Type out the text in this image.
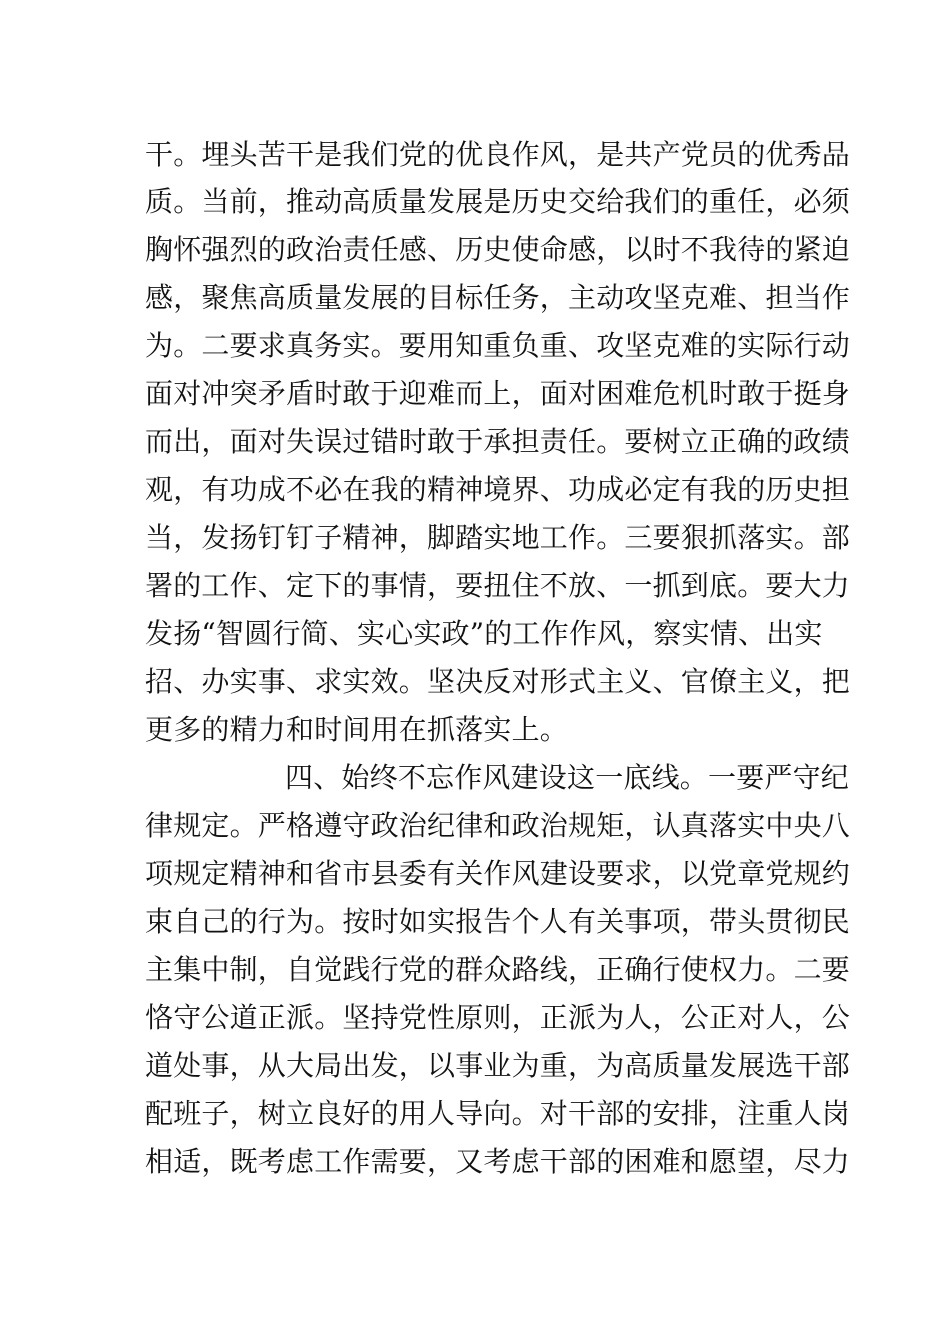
干。埋头苦干是我们党的优良作风，是共产党员的优秀品
质。当前，推动高质量发展是历史交给我们的重任，必须
胸怀强烈的政治责任感、历史使命感，以时不我待的紧迫
感，聚焦高质量发展的目标任务，主动攻坚克难、担当作
为。二要求真务实。要用知重负重、攻坚克难的实际行动
面对冲突矛盾时敢于迎难而上，面对困难危机时敢于挺身
而出，面对失误过错时敢于承担责任。要树立正确的政绩
观，有功成不必在我的精神境界、功成必定有我的历史担
当，发扬钉钉子精神，脚踏实地工作。三要狠抓落实。部
署的工作、定下的事情，要扭住不放、一抓到底。要大力
发扬“智圆行简、实心实政”的工作作风，察实情、出实
招、办实事、求实效。坚决反对形式主义、官僚主义，把
更多的精力和时间用在抓落实上。
四、始终不忘作风建设这一底线。一要严守纪
律规定。严格遵守政治纪律和政治规矩，认真落实中央八
项规定精神和省市县委有关作风建设要求，以党章党规约
束自己的行为。按时如实报告个人有关事项，带头贯彻民
主集中制，自觉践行党的群众路线，正确行使权力。二要
恪守公道正派。坚持党性原则，正派为人，公正对人，公
道处事，从大局出发，以事业为重，为高质量发展选干部
配班子，树立良好的用人导向。对干部的安排，注重人岗
相适，既考虑工作需要，又考虑干部的困难和愿望，尽力
